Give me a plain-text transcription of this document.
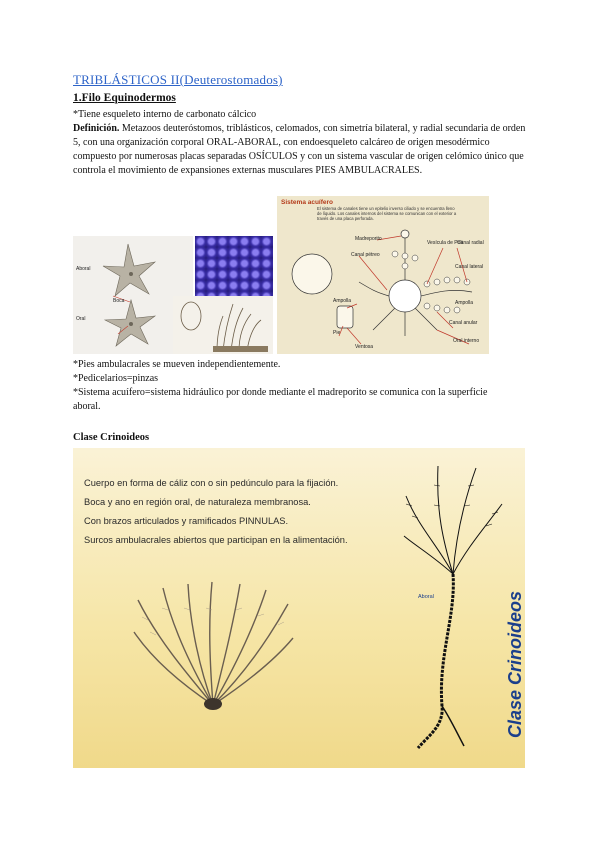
TRIBLÁSTICOS II(Deuterostomados)
1.Filo Equinodermos

*Tiene esqueleto interno de carbonato cálcico

Definición. Metazoos deuteróstomos, triblásticos, celomados, con simetría bilateral, y radial secundaria de orden 5, con una organización corporal ORAL-ABORAL, con endoesqueleto calcáreo de origen mesodérmico compuesto por numerosas placas separadas OSÍCULOS y con un sistema vascular de origen celómico único que controla el movimiento de expansiones externas musculares PIES AMBULACRALES.

Aboral
Boca
Oral
Sistema acuífero
El sistema de canales tiene un epitelio inverso ciliado y se encuentra lleno de líquido. Los canales internos del sistema se comunican con el exterior a través de una placa perforada.
Madreporito
Vesícula de Poli
Canal pétreo
Canal radial
Ampolla
Pie
Ventosa
Canal anular
Oral interno
Canal lateral
Ampolla

*Pies ambulacrales se mueven independientemente.

*Pedicelarios=pinzas

*Sistema acuífero=sistema hidráulico por donde mediante el madreporito se comunica con la superficie aboral.

Clase Crinoideos
Cuerpo en forma de cáliz con o sin pedúnculo para la fijación.
Boca y ano en región oral, de naturaleza membranosa.
Con brazos articulados y ramificados PINNULAS.
Surcos ambulacrales abiertos que participan en la alimentación.
Aboral	Clase Crinoideos
